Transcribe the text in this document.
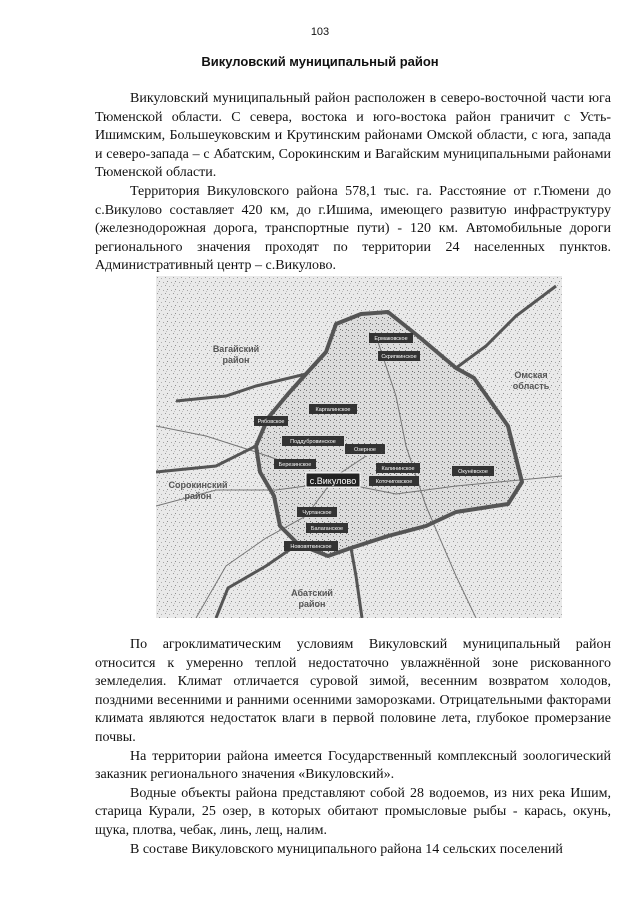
103
Викуловский муниципальный район

Викуловский муниципальный район расположен в северо-восточной части юга Тюменской области. С севера, востока и юго-востока район граничит с Усть-Ишимским, Большеуковским и Крутинским районами Омской области, с юга, запада и северо-запада – с Абатским, Сорокинским и Вагайским муниципальными районами Тюменской области.

Территория Викуловского района 578,1 тыс. га. Расстояние от г.Тюмени до с.Викулово составляет 420 км, до г.Ишима, имеющего развитую инфраструктуру (железнодорожная дорога, транспортные пути) - 120 км. Автомобильные дороги регионального значения проходят по территории 24 населенных пунктов. Административный центр – с.Викулово.

Вагайский
район
Омская
область
Сорокинский
район
Абатский
район
Ермаковское
Скрипкинское
Каргалинское
Рябовское
Поддубровинское
Озерное
Березинское
Калининское	Окунёвское
Коточиговское
Чуртанское
Балаганское
Нововяткинское
с.Викулово

По агроклиматическим условиям Викуловский муниципальный район относится к умеренно теплой недостаточно увлажнённой зоне рискованного земледелия. Климат отличается суровой зимой, весенним возвратом холодов, поздними весенними и ранними осенними заморозками. Отрицательными факторами климата являются недостаток влаги в первой половине лета, глубокое промерзание почвы.

На территории района имеется Государственный комплексный зоологический заказник регионального значения «Викуловский».

Водные объекты района представляют собой 28 водоемов, из них река Ишим, старица Курали, 25 озер, в которых обитают промысловые рыбы - карась, окунь, щука, плотва, чебак, линь, лещ, налим.

В составе Викуловского муниципального района 14 сельских поселений
